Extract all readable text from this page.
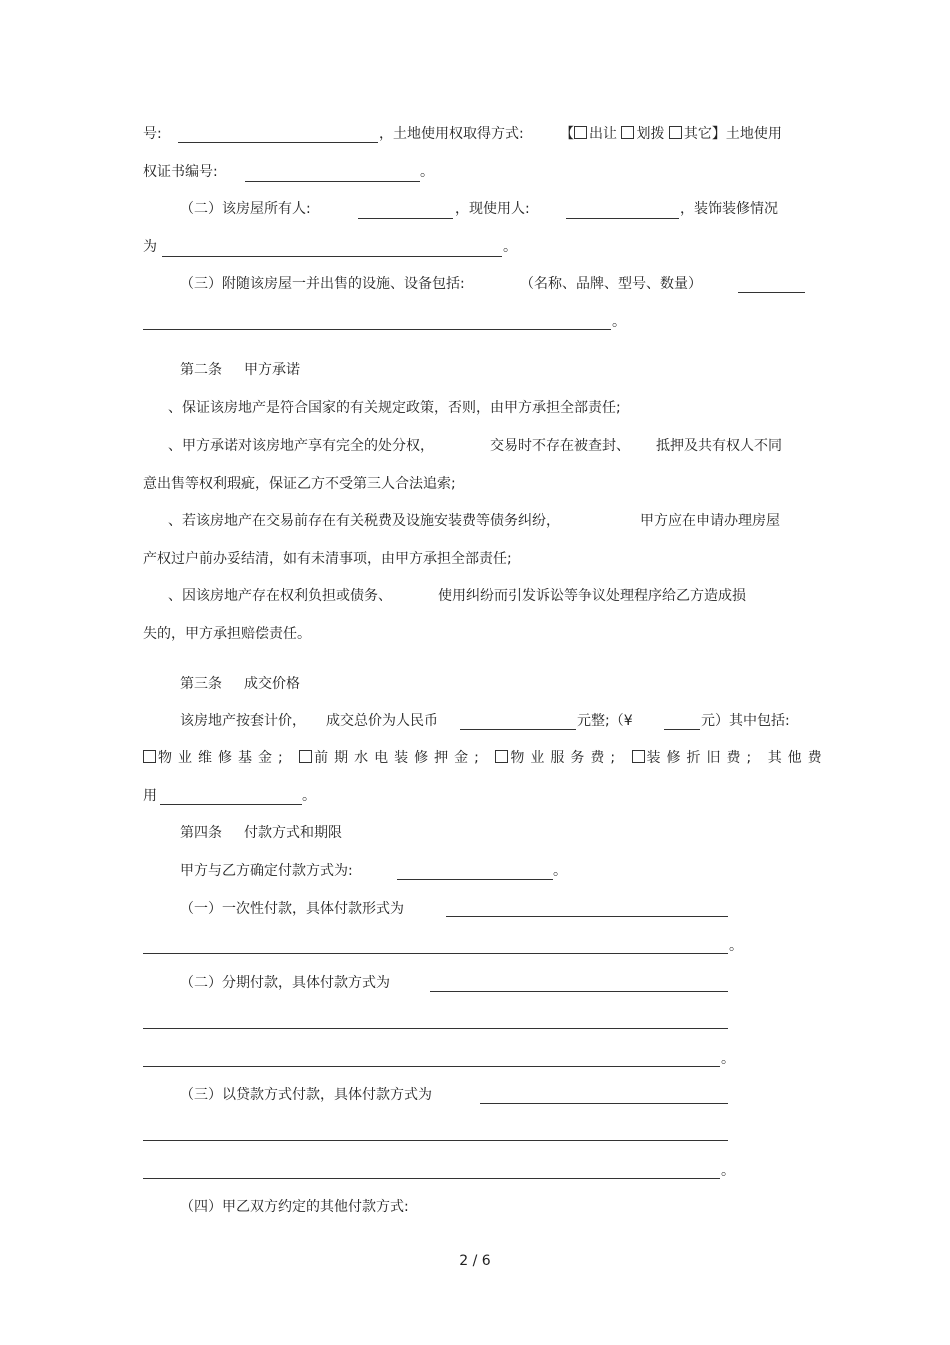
号:	，土地使用权取得方式:	【 出让 划拨 其它】土地使用
权证书编号:	。
（二）该房屋所有人:	，现使用人:	，装饰装修情况
为	。
（三）附随该房屋一并出售的设施、设备包括:	（名称、品牌、型号、数量）
。
第二条 甲方承诺
、保证该房地产是符合国家的有关规定政策，否则，由甲方承担全部责任;
、甲方承诺对该房地产享有完全的处分权，	交易时不存在被查封、 抵押及共有权人不同
意出售等权利瑕疵，保证乙方不受第三人合法追索;
、若该房地产在交易前存在有关税费及设施安装费等债务纠纷，	甲方应在申请办理房屋
产权过户前办妥结清，如有未清事项，由甲方承担全部责任;
、因该房地产存在权利负担或债务、	使用纠纷而引发诉讼等争议处理程序给乙方造成损
失的，甲方承担赔偿责任。
第三条 成交价格
该房地产按套计价， 成交总价为人民币	元整;（¥	元）其中包括:
物业维修基金; 前期水电装修押金; 物业服务费; 装修折旧费; 其他费
用	。
第四条 付款方式和期限
甲方与乙方确定付款方式为:	。
（一）一次性付款，具体付款形式为
。
（二）分期付款，具体付款方式为
。
（三）以贷款方式付款，具体付款方式为
。
（四）甲乙双方约定的其他付款方式:
2 / 6
